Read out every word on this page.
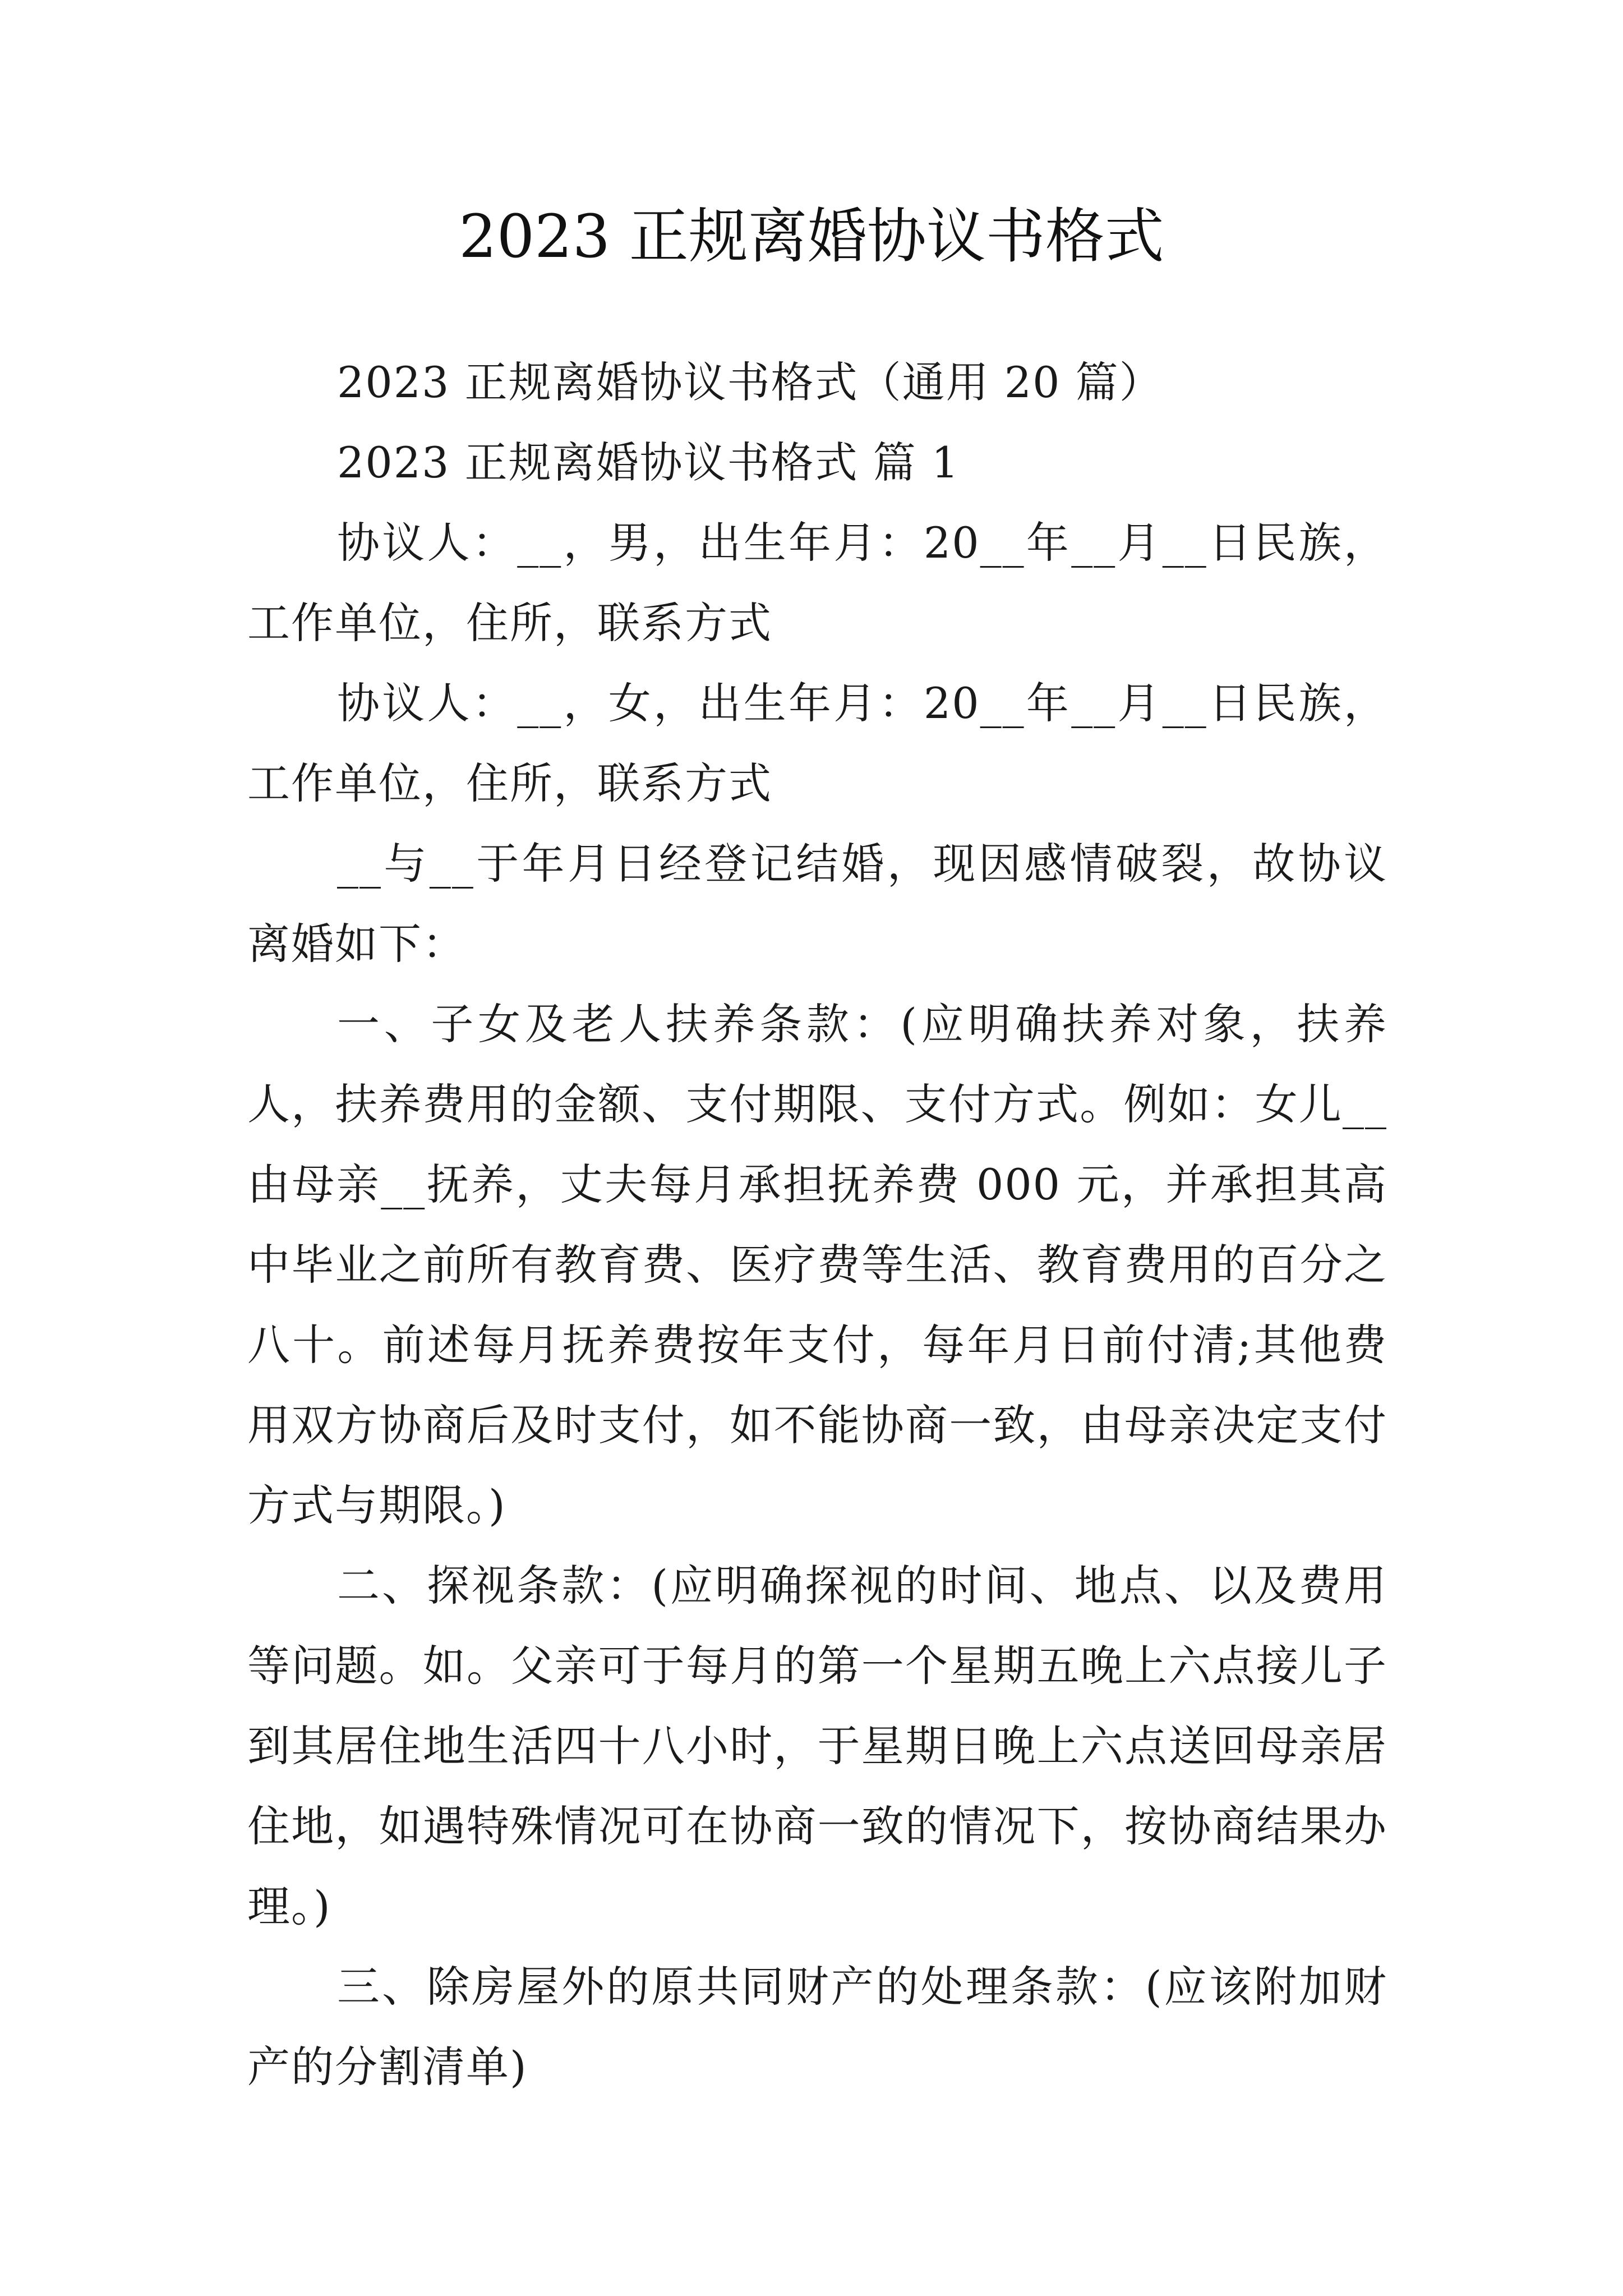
2023 正规离婚协议书格式

2023 正规离婚协议书格式（通用 20 篇）

2023 正规离婚协议书格式 篇 1

协议人：__，男，出生年月：20__年__月__日民族，工作单位，住所，联系方式

协议人：__，女，出生年月：20__年__月__日民族，工作单位，住所，联系方式

__与__于年月日经登记结婚，现因感情破裂，故协议离婚如下：

一、子女及老人扶养条款：(应明确扶养对象，扶养人，扶养费用的金额、支付期限、支付方式。例如：女儿__由母亲__抚养，丈夫每月承担抚养费 000 元，并承担其高中毕业之前所有教育费、医疗费等生活、教育费用的百分之八十。前述每月抚养费按年支付，每年月日前付清;其他费用双方协商后及时支付，如不能协商一致，由母亲决定支付方式与期限。)

二、探视条款：(应明确探视的时间、地点、以及费用等问题。如。父亲可于每月的第一个星期五晚上六点接儿子到其居住地生活四十八小时，于星期日晚上六点送回母亲居住地，如遇特殊情况可在协商一致的情况下，按协商结果办理。)

三、除房屋外的原共同财产的处理条款：(应该附加财产的分割清单)
